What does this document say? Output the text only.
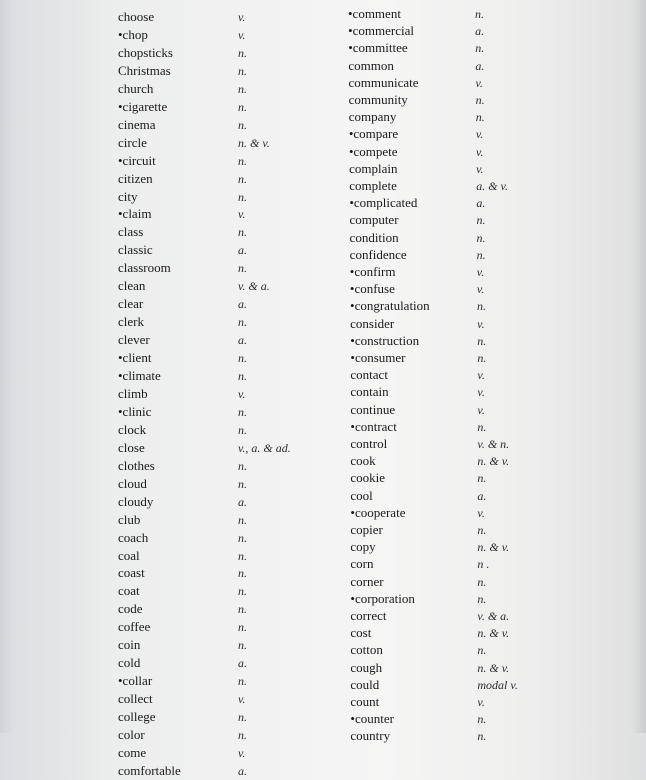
choose	v.
•chop	v.
chopsticks	n.
Christmas	n.
church	n.
•cigarette	n.
cinema	n.
circle	n. & v.
•circuit	n.
citizen	n.
city	n.
•claim	v.
class	n.
classic	a.
classroom	n.
clean	v. & a.
clear	a.
clerk	n.
clever	a.
•client	n.
•climate	n.
climb	v.
•clinic	n.
clock	n.
close	v., a. & ad.
clothes	n.
cloud	n.
cloudy	a.
club	n.
coach	n.
coal	n.
coast	n.
coat	n.
code	n.
coffee	n.
coin	n.
cold	a.
•collar	n.
collect	v.
college	n.
color	n.
come	v.
comfortable	a.
•comment	n.
•commercial	a.
•committee	n.
common	a.
communicate	v.
community	n.
company	n.
•compare	v.
•compete	v.
complain	v.
complete	a. & v.
•complicated	a.
computer	n.
condition	n.
confidence	n.
•confirm	v.
•confuse	v.
•congratulation	n.
consider	v.
•construction	n.
•consumer	n.
contact	v.
contain	v.
continue	v.
•contract	n.
control	v. & n.
cook	n. & v.
cookie	n.
cool	a.
•cooperate	v.
copier	n.
copy	n. & v.
corn	n .
corner	n.
•corporation	n.
correct	v. & a.
cost	n. & v.
cotton	n.
cough	n. & v.
could	modal v.
count	v.
•counter	n.
country	n.
